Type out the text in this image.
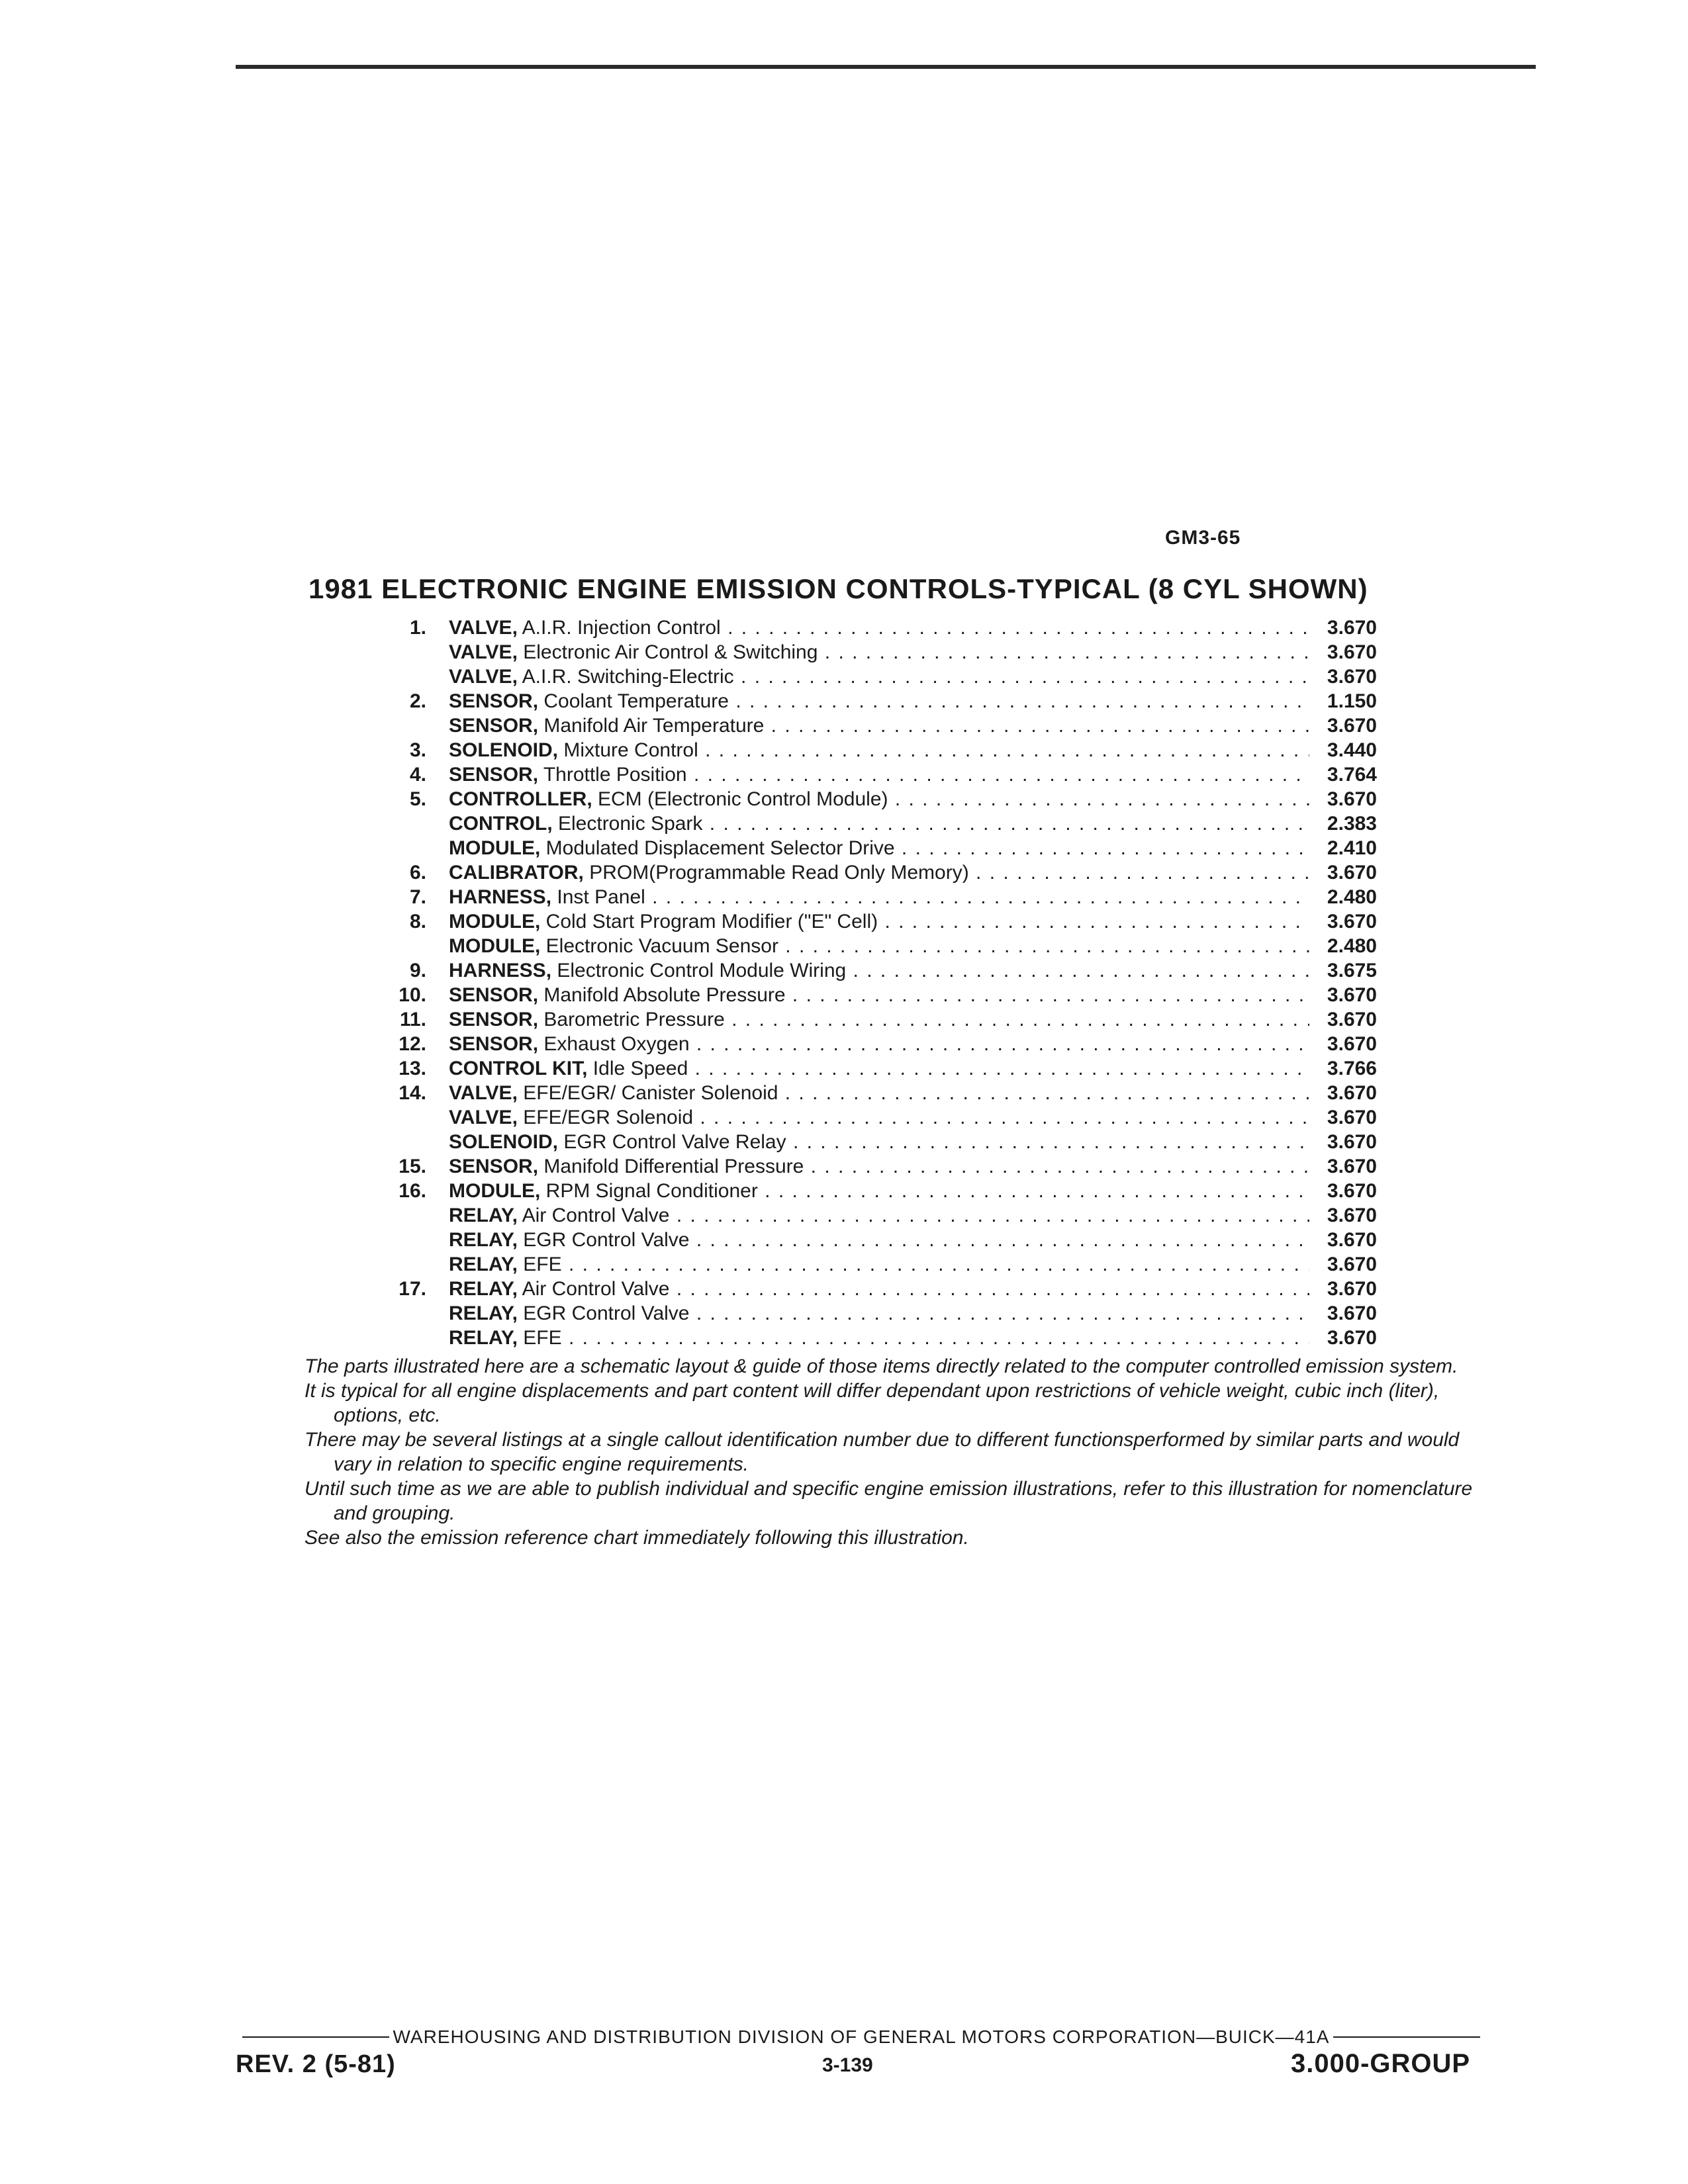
GM3-65
1981 ELECTRONIC ENGINE EMISSION CONTROLS-TYPICAL (8 CYL SHOWN)
1. VALVE, A.I.R. Injection Control . . .	3.670
VALVE, Electronic Air Control & Switching . . .	3.670
VALVE, A.I.R. Switching-Electric . . .	3.670
2. SENSOR, Coolant Temperature . . .	1.150
SENSOR, Manifold Air Temperature . . .	3.670
3. SOLENOID, Mixture Control . . .	3.440
4. SENSOR, Throttle Position . . .	3.764
5. CONTROLLER, ECM (Electronic Control Module) . . .	3.670
CONTROL, Electronic Spark . . .	2.383
MODULE, Modulated Displacement Selector Drive . . .	2.410
6. CALIBRATOR, PROM(Programmable Read Only Memory) . . .	3.670
7. HARNESS, Inst Panel . . .	2.480
8. MODULE, Cold Start Program Modifier ("E" Cell) . . .	3.670
MODULE, Electronic Vacuum Sensor . . .	2.480
9. HARNESS, Electronic Control Module Wiring . . .	3.675
10. SENSOR, Manifold Absolute Pressure . . .	3.670
11. SENSOR, Barometric Pressure . . .	3.670
12. SENSOR, Exhaust Oxygen . . .	3.670
13. CONTROL KIT, Idle Speed . . .	3.766
14. VALVE, EFE/EGR/ Canister Solenoid . . .	3.670
VALVE, EFE/EGR Solenoid . . .	3.670
SOLENOID, EGR Control Valve Relay . . .	3.670
15. SENSOR, Manifold Differential Pressure . . .	3.670
16. MODULE, RPM Signal Conditioner . . .	3.670
RELAY, Air Control Valve . . .	3.670
RELAY, EGR Control Valve . . .	3.670
RELAY, EFE . . .	3.670
17. RELAY, Air Control Valve . . .	3.670
RELAY, EGR Control Valve . . .	3.670
RELAY, EFE . . .	3.670

The parts illustrated here are a schematic layout & guide of those items directly related to the computer controlled emission system.

It is typical for all engine displacements and part content will differ dependant upon restrictions of vehicle weight, cubic inch (liter), options, etc.

There may be several listings at a single callout identification number due to different functionsperformed by similar parts and would vary in relation to specific engine requirements.

Until such time as we are able to publish individual and specific engine emission illustrations, refer to this illustration for nomenclature and grouping.

See also the emission reference chart immediately following this illustration.

WAREHOUSING AND DISTRIBUTION DIVISION OF GENERAL MOTORS CORPORATION—BUICK—41A
REV. 2 (5-81)	3-139	3.000-GROUP
